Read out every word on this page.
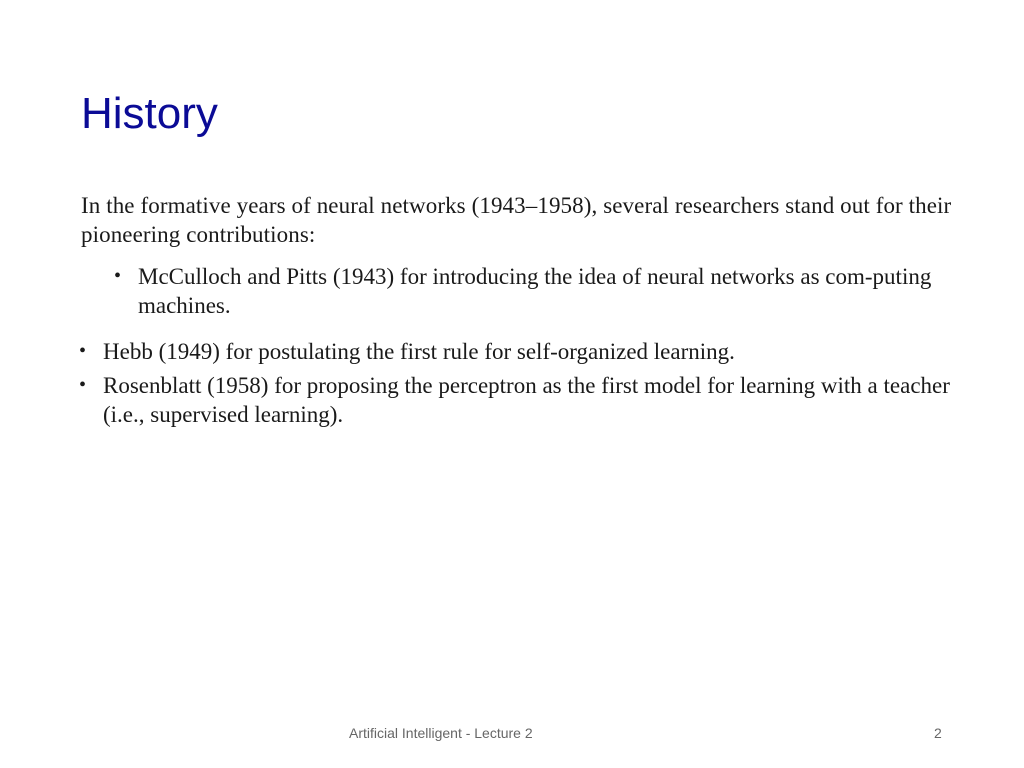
History

In the formative years of neural networks (1943–1958), several researchers stand out for their pioneering contributions:

• McCulloch and Pitts (1943) for introducing the idea of neural networks as com-puting machines.
• Hebb (1949) for postulating the first rule for self-organized learning.
• Rosenblatt (1958) for proposing the perceptron as the first model for learning with a teacher (i.e., supervised learning).
Artificial Intelligent - Lecture 2	2
